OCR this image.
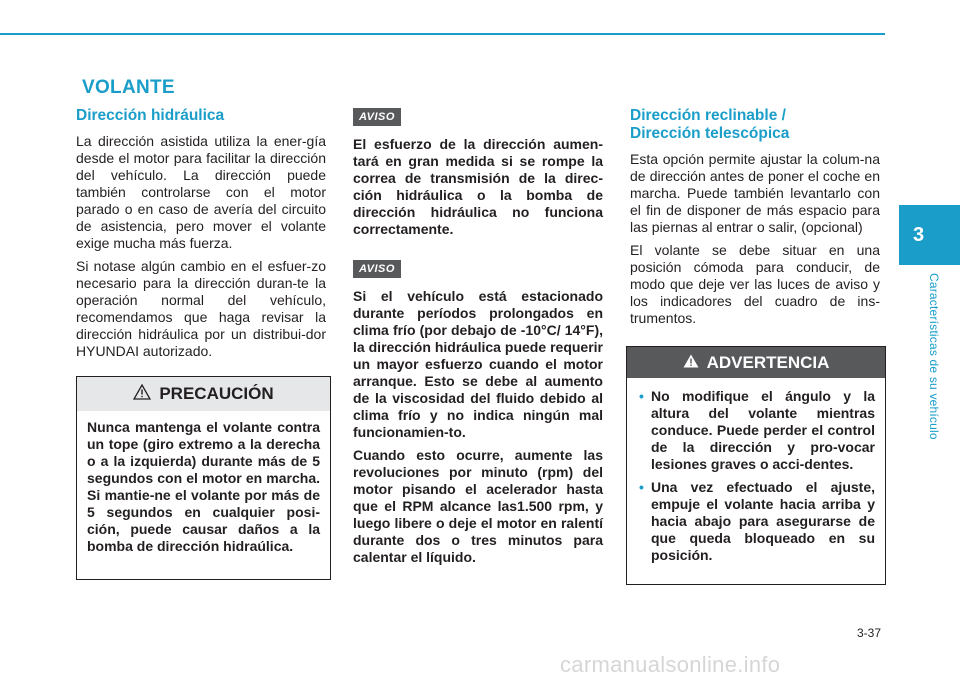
VOLANTE
Dirección hidráulica

La dirección asistida utiliza la ener-gía desde el motor para facilitar la dirección del vehículo. La dirección puede también controlarse con el motor parado o en caso de avería del circuito de asistencia, pero mover el volante exige mucha más fuerza.

Si notase algún cambio en el esfuer-zo necesario para la dirección duran-te la operación normal del vehículo, recomendamos que haga revisar la dirección hidráulica por un distribui-dor HYUNDAI autorizado.

PRECAUCIÓN
Nunca mantenga el volante contra un tope (giro extremo a la derecha o a la izquierda) durante más de 5 segundos con el motor en marcha. Si mantie-ne el volante por más de 5 segundos en cualquier posi-ción, puede causar daños a la bomba de dirección hidraúlica.
AVISO

El esfuerzo de la dirección aumen-tará en gran medida si se rompe la correa de transmisión de la direc-ción hidráulica o la bomba de dirección hidráulica no funciona correctamente.

AVISO

Si el vehículo está estacionado durante períodos prolongados en clima frío (por debajo de -10°C/ 14°F), la dirección hidráulica puede requerir un mayor esfuerzo cuando el motor arranque. Esto se debe al aumento de la viscosidad del fluido debido al clima frío y no indica ningún mal funcionamien-to.

Cuando esto ocurre, aumente las revoluciones por minuto (rpm) del motor pisando el acelerador hasta que el RPM alcance las1.500 rpm, y luego libere o deje el motor en ralentí durante dos o tres minutos para calentar el líquido.

Dirección reclinable /
Dirección telescópica

Esta opción permite ajustar la colum-na de dirección antes de poner el coche en marcha. Puede también levantarlo con el fin de disponer de más espacio para las piernas al entrar o salir, (opcional)

El volante se debe situar en una posición cómoda para conducir, de modo que deje ver las luces de aviso y los indicadores del cuadro de ins-trumentos.

ADVERTENCIA
• No modifique el ángulo y la altura del volante mientras conduce. Puede perder el control de la dirección y pro-vocar lesiones graves o acci-dentes.
• Una vez efectuado el ajuste, empuje el volante hacia arriba y hacia abajo para asegurarse de que queda bloqueado en su posición.
3
Características de su vehículo
3-37
carmanualsonline.info
